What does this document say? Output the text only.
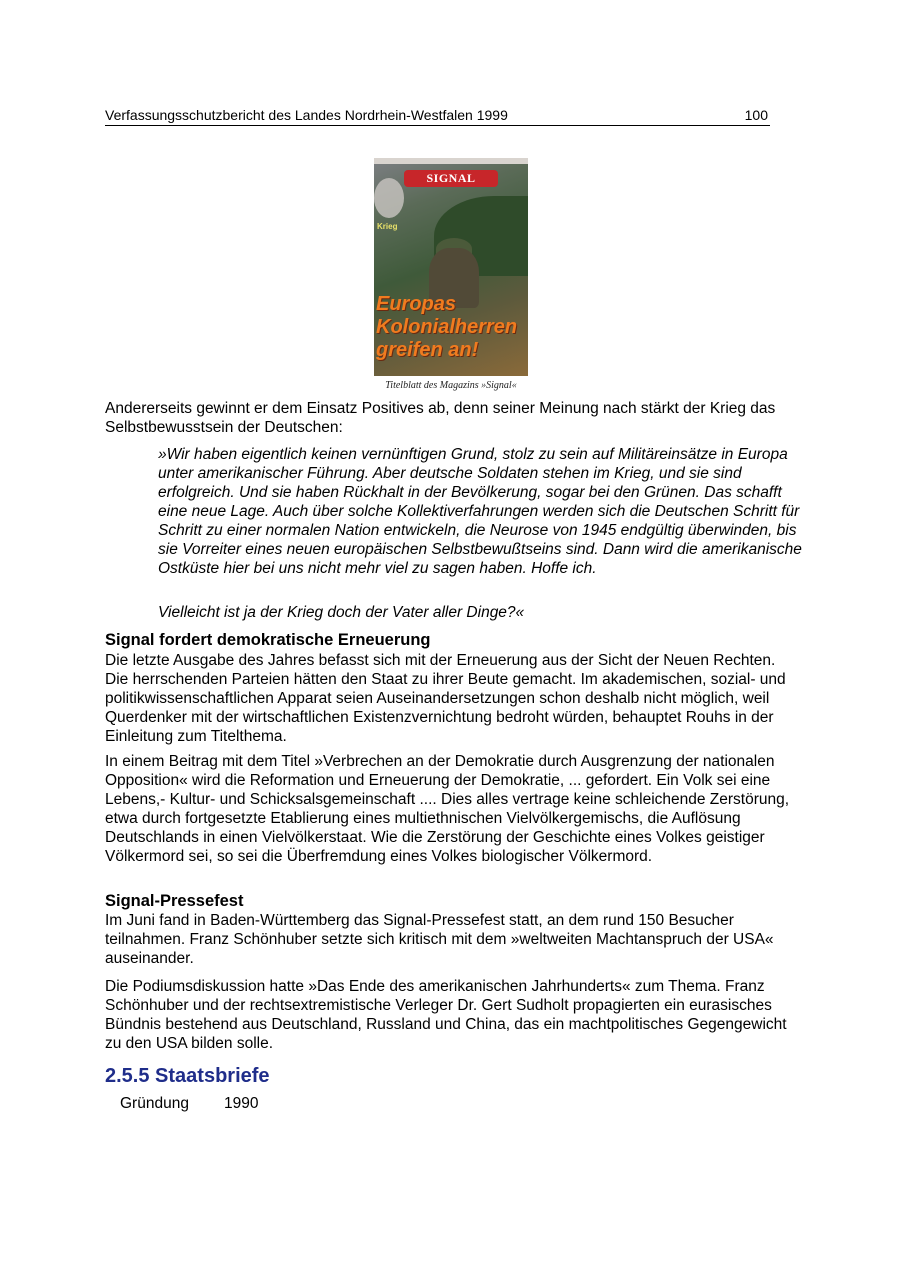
Verfassungsschutzbericht des Landes Nordrhein-Westfalen 1999	100
SIGNAL
Krieg
Europas Kolonialherren greifen an!
Titelblatt des Magazins »Signal«

Andererseits gewinnt er dem Einsatz Positives ab, denn seiner Meinung nach stärkt der Krieg das Selbstbewusstsein der Deutschen:

»Wir haben eigentlich keinen vernünftigen Grund, stolz zu sein auf Militäreinsätze in Europa unter amerikanischer Führung. Aber deutsche Soldaten stehen im Krieg, und sie sind erfolgreich. Und sie haben Rückhalt in der Bevölkerung, sogar bei den Grünen. Das schafft eine neue Lage. Auch über solche Kollektiverfahrungen werden sich die Deutschen Schritt für Schritt zu einer normalen Nation entwickeln, die Neurose von 1945 endgültig überwinden, bis sie Vorreiter eines neuen europäischen Selbstbewußtseins sind. Dann wird die amerikanische Ostküste hier bei uns nicht mehr viel zu sagen haben. Hoffe ich.

Vielleicht ist ja der Krieg doch der Vater aller Dinge?«

Signal fordert demokratische Erneuerung

Die letzte Ausgabe des Jahres befasst sich mit der Erneuerung aus der Sicht der Neuen Rechten. Die herrschenden Parteien hätten den Staat zu ihrer Beute gemacht. Im akademischen, sozial- und politikwissenschaftlichen Apparat seien Auseinandersetzungen schon deshalb nicht möglich, weil Querdenker mit der wirtschaftlichen Existenzvernichtung bedroht würden, behauptet Rouhs in der Einleitung zum Titelthema.

In einem Beitrag mit dem Titel »Verbrechen an der Demokratie durch Ausgrenzung der nationalen Opposition« wird die Reformation und Erneuerung der Demokratie, ... gefordert. Ein Volk sei eine Lebens,- Kultur- und Schicksalsgemeinschaft .... Dies alles vertrage keine schleichende Zerstörung, etwa durch fortgesetzte Etablierung eines multiethnischen Vielvölkergemischs, die Auflösung Deutschlands in einen Vielvölkerstaat. Wie die Zerstörung der Geschichte eines Volkes geistiger Völkermord sei, so sei die Überfremdung eines Volkes biologischer Völkermord.

Signal-Pressefest

Im Juni fand in Baden-Württemberg das Signal-Pressefest statt, an dem rund 150 Besucher teilnahmen. Franz Schönhuber setzte sich kritisch mit dem »weltweiten Machtanspruch der USA« auseinander.

Die Podiumsdiskussion hatte »Das Ende des amerikanischen Jahrhunderts« zum Thema. Franz Schönhuber und der rechtsextremistische Verleger Dr. Gert Sudholt propagierten ein eurasisches Bündnis bestehend aus Deutschland, Russland und China, das ein machtpolitisches Gegengewicht zu den USA bilden solle.

2.5.5 Staatsbriefe
Gründung 1990
